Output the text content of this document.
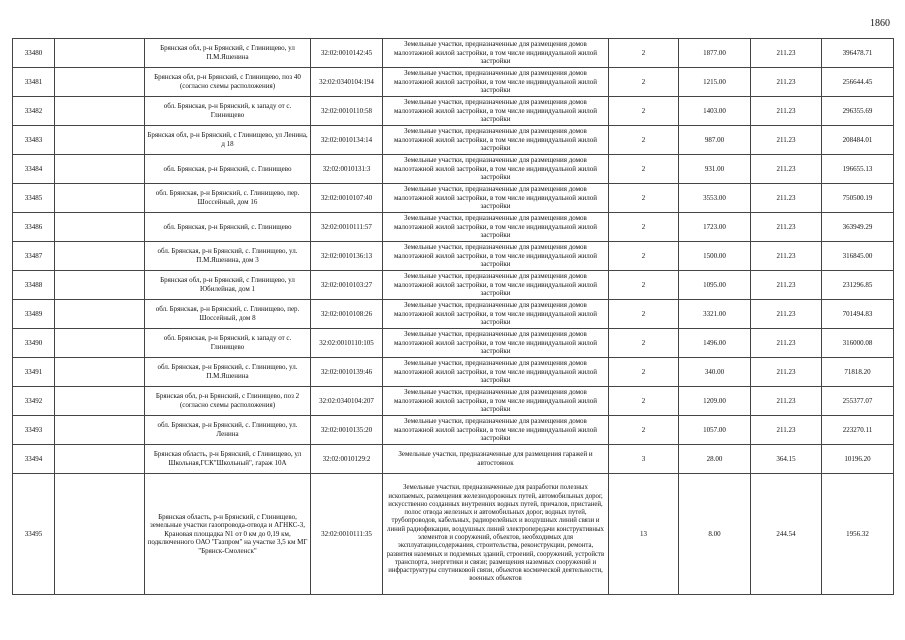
1860
33480		Брянская обл, р-н Брянский, с Глинищево, ул П.М.Яшенина	32:02:0010142:45	Земельные участки, предназначенные для размещения домов малоэтажной жилой застройки, в том числе индивидуальной жилой застройки	2	1877.00	211.23	396478.71
33481		Брянская обл, р-н Брянский, с Глинищево, поз 40 (согласно схемы расположения)	32:02:0340104:194	Земельные участки, предназначенные для размещения домов малоэтажной жилой застройки, в том числе индивидуальной жилой застройки	2	1215.00	211.23	256644.45
33482		обл. Брянская, р-н Брянский, к западу от с. Глинищево	32:02:0010110:58	Земельные участки, предназначенные для размещения домов малоэтажной жилой застройки, в том числе индивидуальной жилой застройки	2	1403.00	211.23	296355.69
33483		Брянская обл, р-н Брянский, с Глинищево, ул Ленина, д 18	32:02:0010134:14	Земельные участки, предназначенные для размещения домов малоэтажной жилой застройки, в том числе индивидуальной жилой застройки	2	987.00	211.23	208484.01
33484		обл. Брянская, р-н Брянский, с. Глинищево	32:02:0010131:3	Земельные участки, предназначенные для размещения домов малоэтажной жилой застройки, в том числе индивидуальной жилой застройки	2	931.00	211.23	196655.13
33485		обл. Брянская, р-н Брянский, с. Глинищево, пер. Шоссейный, дом 16	32:02:0010107:40	Земельные участки, предназначенные для размещения домов малоэтажной жилой застройки, в том числе индивидуальной жилой застройки	2	3553.00	211.23	750500.19
33486		обл. Брянская, р-н Брянский, с. Глинищево	32:02:0010111:57	Земельные участки, предназначенные для размещения домов малоэтажной жилой застройки, в том числе индивидуальной жилой застройки	2	1723.00	211.23	363949.29
33487		обл. Брянская, р-н Брянский, с. Глинищево, ул. П.М.Яшенина, дом 3	32:02:0010136:13	Земельные участки, предназначенные для размещения домов малоэтажной жилой застройки, в том числе индивидуальной жилой застройки	2	1500.00	211.23	316845.00
33488		Брянская обл, р-н Брянский, с Глинищево, ул Юбилейная, дом 1	32:02:0010103:27	Земельные участки, предназначенные для размещения домов малоэтажной жилой застройки, в том числе индивидуальной жилой застройки	2	1095.00	211.23	231296.85
33489		обл. Брянская, р-н Брянский, с. Глинищево, пер. Шоссейный, дом 8	32:02:0010108:26	Земельные участки, предназначенные для размещения домов малоэтажной жилой застройки, в том числе индивидуальной жилой застройки	2	3321.00	211.23	701494.83
33490		обл. Брянская, р-н Брянский, к западу от с. Глинищево	32:02:0010110:105	Земельные участки, предназначенные для размещения домов малоэтажной жилой застройки, в том числе индивидуальной жилой застройки	2	1496.00	211.23	316000.08
33491		обл. Брянская, р-н Брянский, с. Глинищево, ул. П.М.Яшенина	32:02:0010139:46	Земельные участки, предназначенные для размещения домов малоэтажной жилой застройки, в том числе индивидуальной жилой застройки	2	340.00	211.23	71818.20
33492		Брянская обл, р-н Брянский, с Глинищево, поз 2 (согласно схемы расположения)	32:02:0340104:207	Земельные участки, предназначенные для размещения домов малоэтажной жилой застройки, в том числе индивидуальной жилой застройки	2	1209.00	211.23	255377.07
33493		обл. Брянская, р-н Брянский, с. Глинищево, ул. Ленина	32:02:0010135:20	Земельные участки, предназначенные для размещения домов малоэтажной жилой застройки, в том числе индивидуальной жилой застройки	2	1057.00	211.23	223270.11
33494		Брянская область, р-н Брянский, с Глинищево, ул Школьная,ГСК"Школьный", гараж 10А	32:02:0010129:2	Земельные участки, предназначенные для размещения гаражей и автостоянок	3	28.00	364.15	10196.20
33495		Брянская область, р-н Брянский, с Глинищево, земельные участки газопровода-отвода и АГНКС-3, Крановая площадка N1 от 0 км до 0,19 км, подключенного ОАО "Газпром" на участке 3,5 км МГ "Брянск-Смоленск"	32:02:0010111:35	Земельные участки, предназначенные для разработки полезных ископаемых, размещения железнодорожных путей, автомобильных дорог, искусственно созданных внутренних водных путей, причалов, пристаней, полос отвода железных и автомобильных дорог, водных путей, трубопроводов, кабельных, радиорелейных и воздушных линий связи и линий радиофикации, воздушных линий электропередачи конструктивных элементов и сооружений, объектов, необходимых для эксплуатации,содержания, строительства, реконструкции, ремонта, развития наземных и подземных зданий, строений, сооружений, устройств транспорта, энергетики и связи; размещения наземных сооружений и инфраструктуры спутниковой связи, объектов космической деятельности, военных объектов	13	8.00	244.54	1956.32
